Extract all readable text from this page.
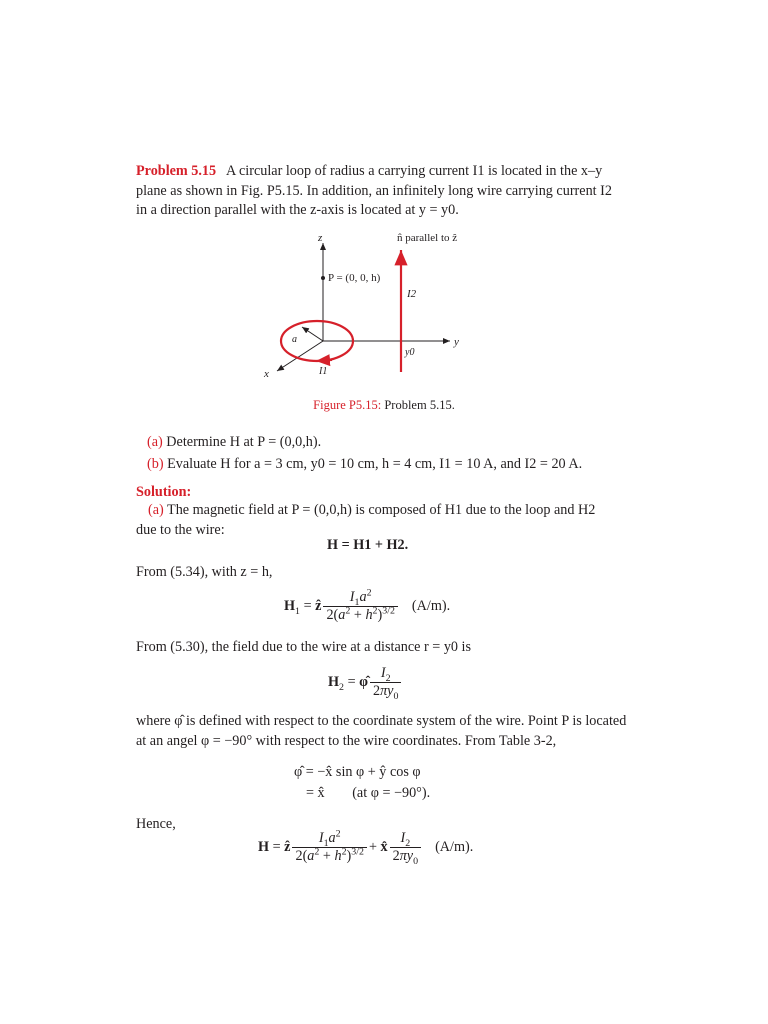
Problem 5.15 A circular loop of radius a carrying current I1 is located in the x–y
plane as shown in Fig. P5.15. In addition, an infinitely long wire carrying current I2
in a direction parallel with the z-axis is located at y = y0.
z	n̂ parallel to ẑ
P = (0, 0, h)
I2
a	y
y0
x	I1
Figure P5.15: Problem 5.15.
(a) Determine H at P = (0,0,h).
(b) Evaluate H for a = 3 cm, y0 = 10 cm, h = 4 cm, I1 = 10 A, and I2 = 20 A.
Solution:
(a) The magnetic field at P = (0,0,h) is composed of H1 due to the loop and H2
due to the wire:
H = H1 + H2.
From (5.34), with z = h,
$H_1$ = ẑ $\frac{I_1a^2}{2(a^2 + h^2)^{3/2}} (A/m)$.
From (5.30), the field due to the wire at a distance r = y0 is
$H_2$ = φ̂ $\frac{I_2}{2\pi y_0}$
where φ̂ is defined with respect to the coordinate system of the wire. Point P is located
at an angel φ = −90° with respect to the wire coordinates. From Table 3-2,
φ̂ = −x̂ sin φ + ŷ cos φ
= x̂ (at φ = −90°).
Hence,
H = ẑ $\frac{I_1a^2}{2(a^2 + h^2)^{3/2}}$ + x̂ $\frac{I_2}{2\pi y_0} (A/m)$.
